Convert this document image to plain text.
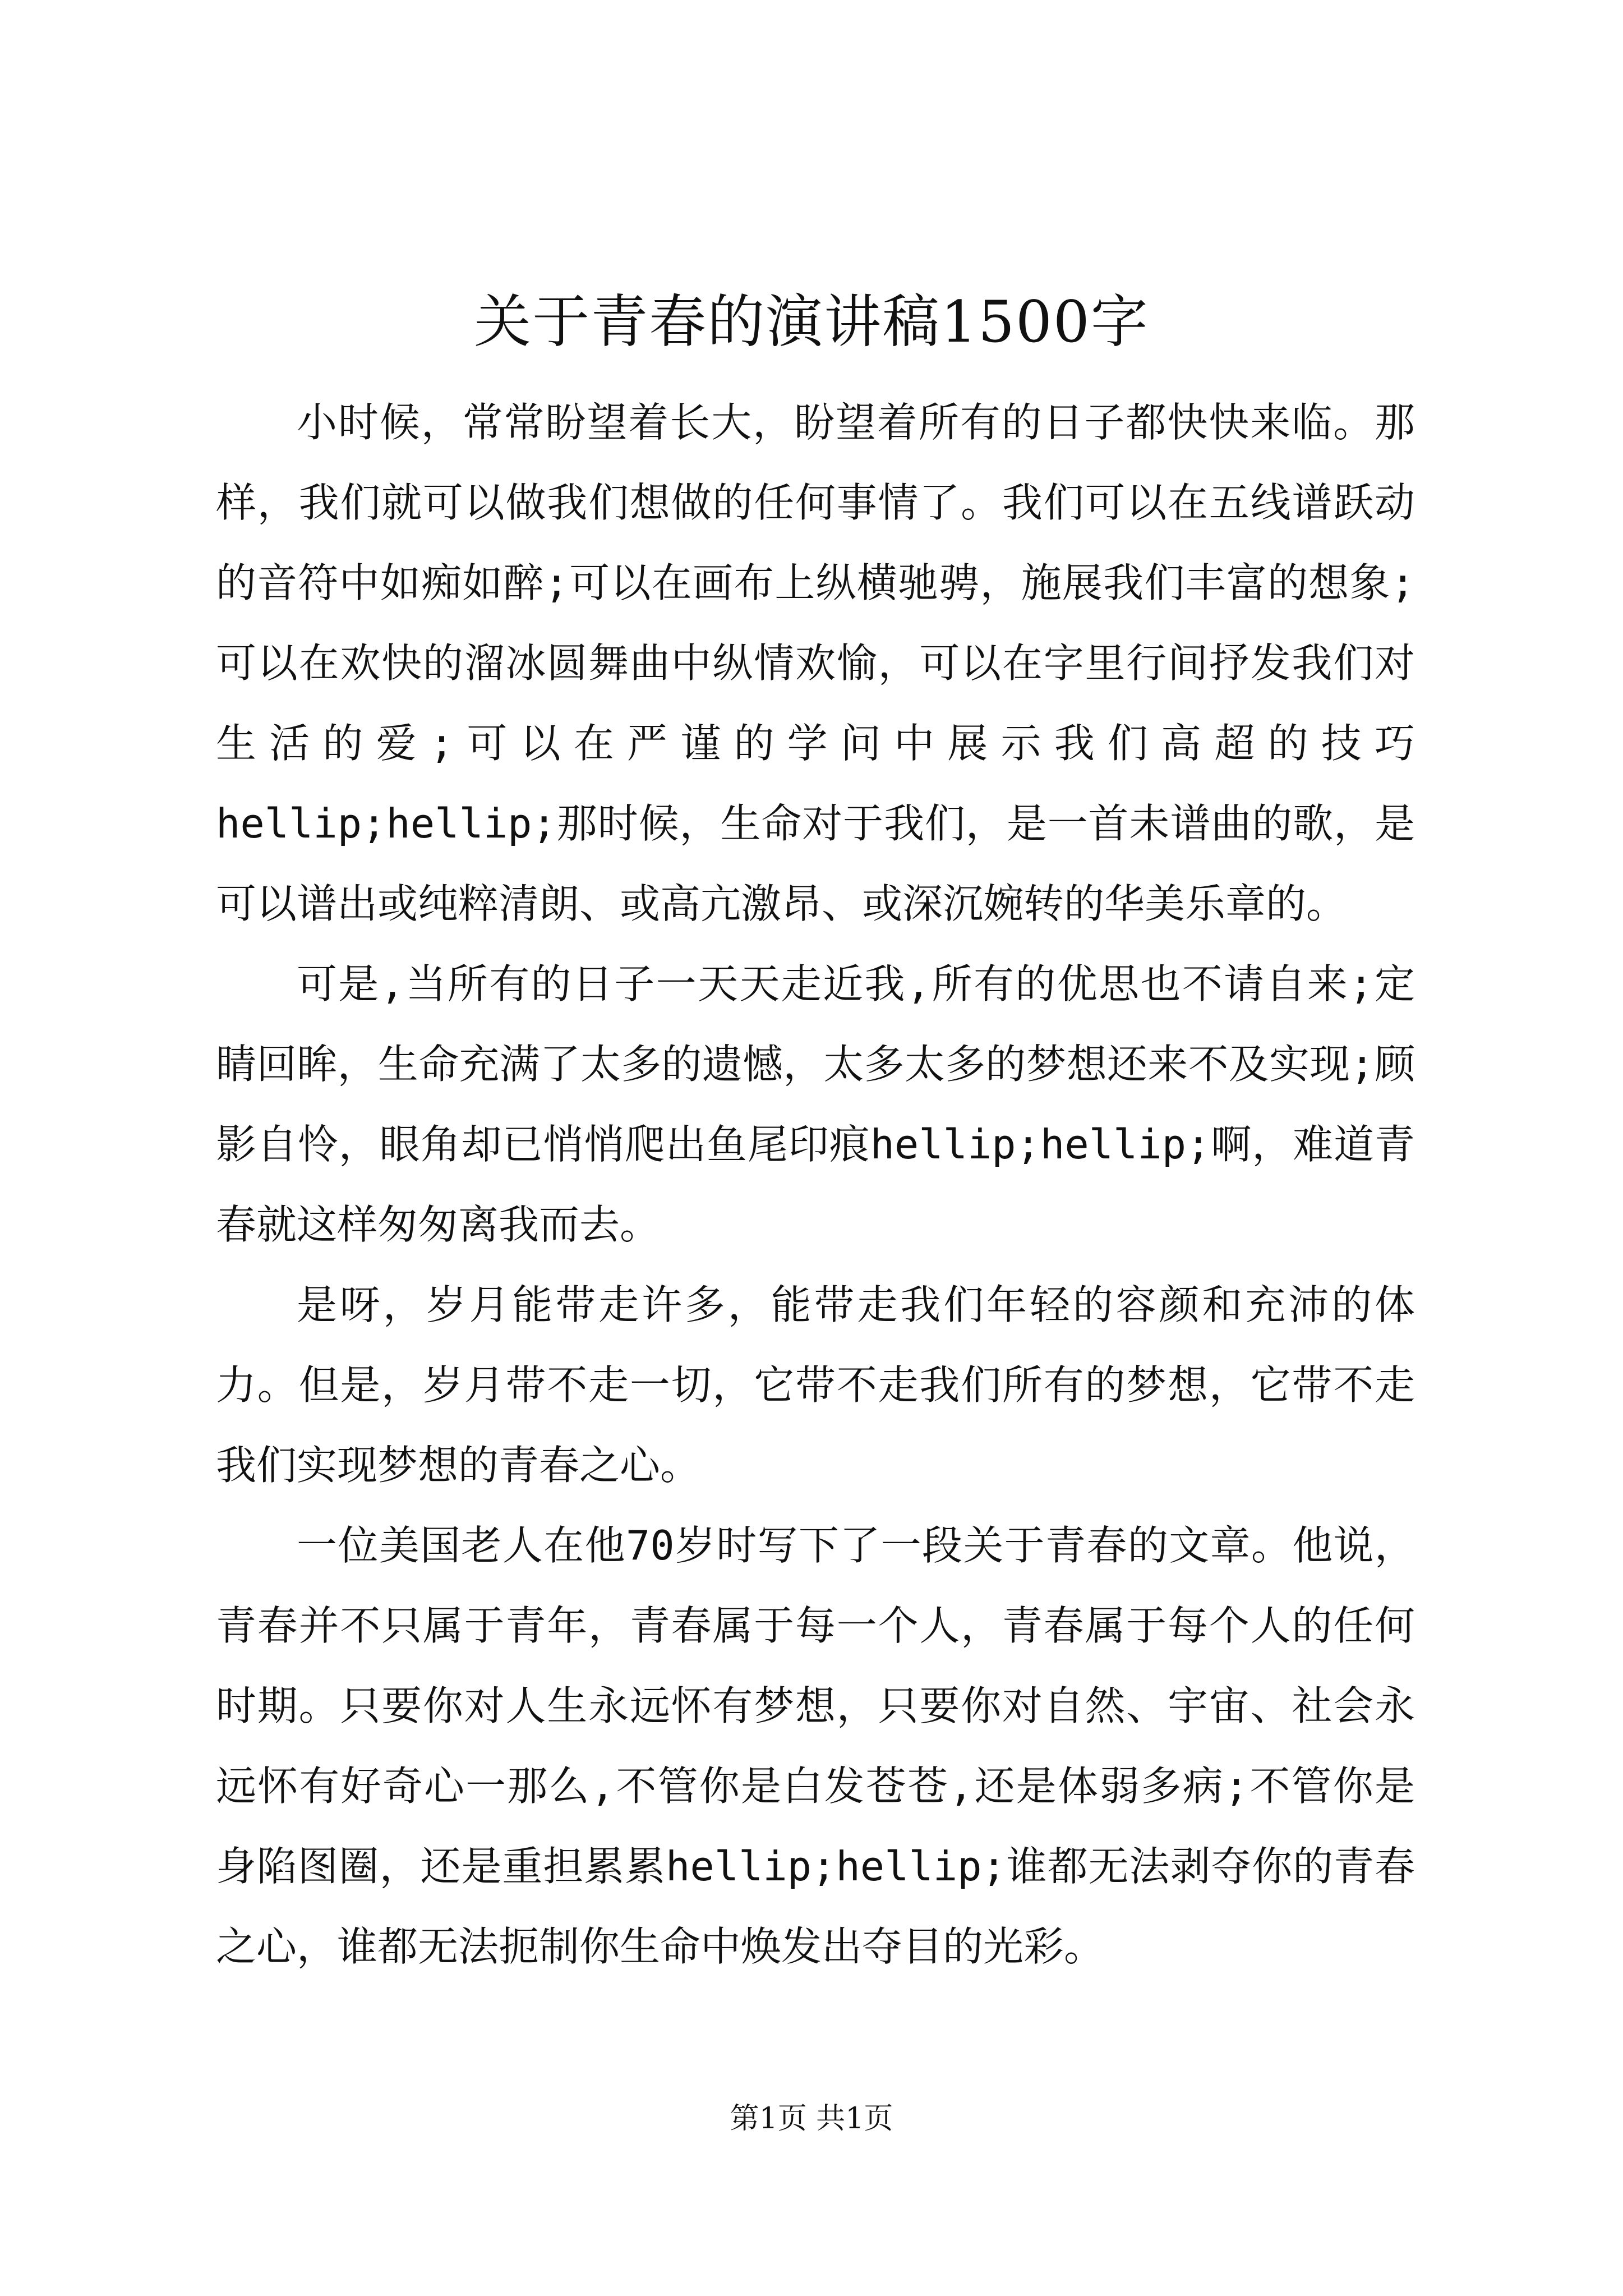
关于青春的演讲稿1500字

小时候，常常盼望着长大，盼望着所有的日子都快快来临。那样，我们就可以做我们想做的任何事情了。我们可以在五线谱跃动的音符中如痴如醉;可以在画布上纵横驰骋，施展我们丰富的想象;可以在欢快的溜冰圆舞曲中纵情欢愉，可以在字里行间抒发我们对生活的爱;可以在严谨的学问中展示我们高超的技巧hellip;hellip;那时候，生命对于我们，是一首未谱曲的歌，是可以谱出或纯粹清朗、或高亢激昂、或深沉婉转的华美乐章的。

可是,当所有的日子一天天走近我,所有的优思也不请自来;定睛回眸，生命充满了太多的遗憾，太多太多的梦想还来不及实现;顾影自怜，眼角却已悄悄爬出鱼尾印痕hellip;hellip;啊，难道青春就这样匆匆离我而去。

是呀，岁月能带走许多，能带走我们年轻的容颜和充沛的体力。但是，岁月带不走一切，它带不走我们所有的梦想，它带不走我们实现梦想的青春之心。

一位美国老人在他70岁时写下了一段关于青春的文章。他说，青春并不只属于青年，青春属于每一个人，青春属于每个人的任何时期。只要你对人生永远怀有梦想，只要你对自然、宇宙、社会永远怀有好奇心一那么,不管你是白发苍苍,还是体弱多病;不管你是身陷图圈，还是重担累累hellip;hellip;谁都无法剥夺你的青春之心，谁都无法扼制你生命中焕发出夺目的光彩。

第1页 共1页
